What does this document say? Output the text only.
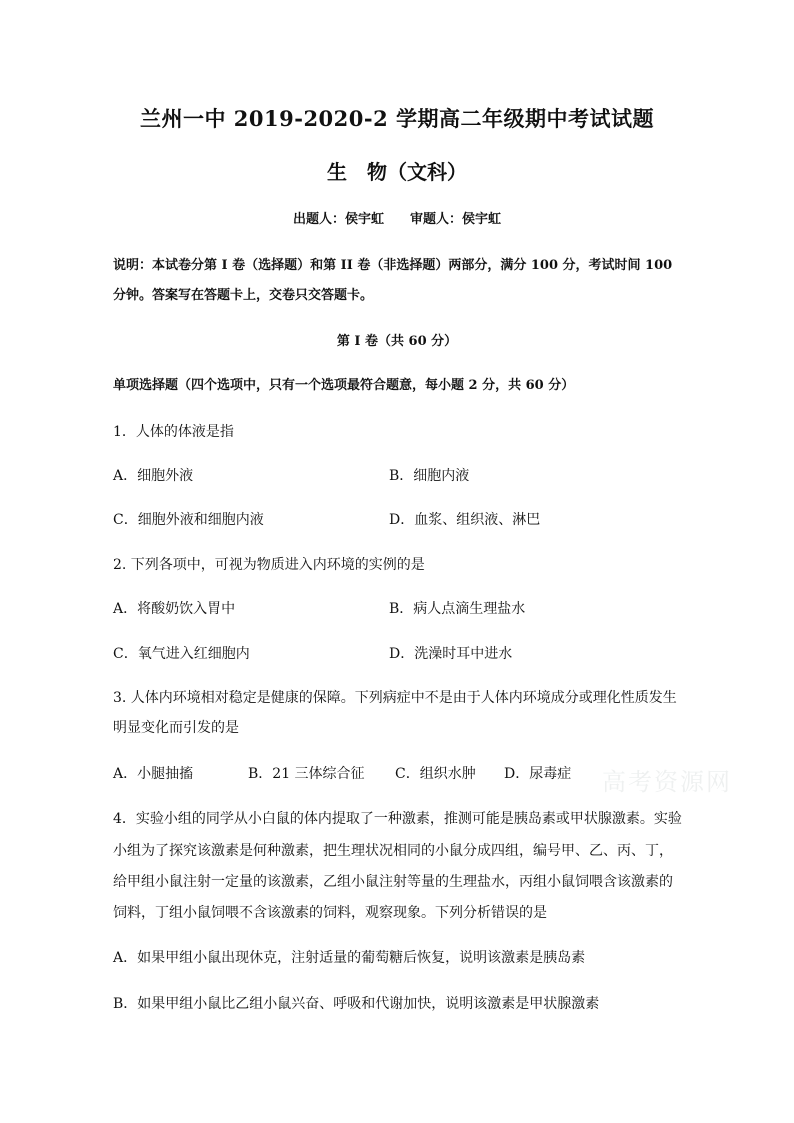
兰州一中 2019-2020-2 学期高二年级期中考试试题
生　物（文科）
出题人：侯宇虹　　审题人：侯宇虹
说明：本试卷分第 I 卷（选择题）和第 II 卷（非选择题）两部分，满分 100 分，考试时间 100
分钟。答案写在答题卡上，交卷只交答题卡。
第 I 卷（共 60 分）
单项选择题（四个选项中，只有一个选项最符合题意，每小题 2 分，共 60 分）
1．人体的体液是指
A．细胞外液	B．细胞内液
C．细胞外液和细胞内液	D．血浆、组织液、淋巴
2. 下列各项中，可视为物质进入内环境的实例的是
A．将酸奶饮入胃中	B．病人点滴生理盐水
C．氧气进入红细胞内	D．洗澡时耳中进水
3. 人体内环境相对稳定是健康的保障。下列病症中不是由于人体内环境成分或理化性质发生
明显变化而引发的是
A．小腿抽搐	B．21 三体综合征 C．组织水肿 D．尿毒症
4．实验小组的同学从小白鼠的体内提取了一种激素，推测可能是胰岛素或甲状腺激素。实验
小组为了探究该激素是何种激素，把生理状况相同的小鼠分成四组，编号甲、乙、丙、丁，
给甲组小鼠注射一定量的该激素，乙组小鼠注射等量的生理盐水，丙组小鼠饲喂含该激素的
饲料，丁组小鼠饲喂不含该激素的饲料，观察现象。下列分析错误的是
A．如果甲组小鼠出现休克，注射适量的葡萄糖后恢复，说明该激素是胰岛素
B．如果甲组小鼠比乙组小鼠兴奋、呼吸和代谢加快，说明该激素是甲状腺激素
高考资源网
